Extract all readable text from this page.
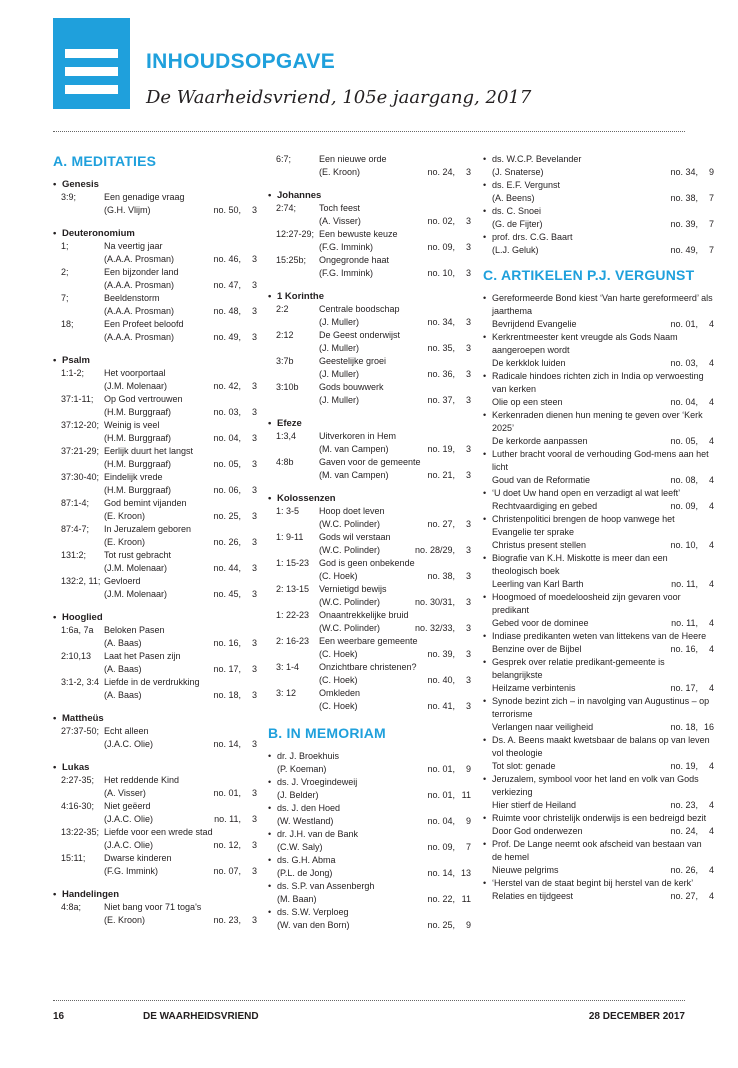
INHOUDSOPGAVE
De Waarheidsvriend, 105e jaargang, 2017
A. MEDITATIES
• Genesis
3:9;	Een genadige vraag
(G.H. Vlijm)	no. 50,	3
• Deuteronomium
1;	Na veertig jaar
(A.A.A. Prosman)	no. 46,	3
2;	Een bijzonder land
(A.A.A. Prosman)	no. 47,	3
7;	Beeldenstorm
(A.A.A. Prosman)	no. 48,	3
18;	Een Profeet beloofd
(A.A.A. Prosman)	no. 49,	3
• Psalm
1:1-2; Het voorportaal
(J.M. Molenaar)	no. 42,	3
37:1-11; Op God vertrouwen
(H.M. Burggraaf)	no. 03,	3
37:12-20; Weinig is veel
(H.M. Burggraaf)	no. 04,	3
37:21-29; Eerlijk duurt het langst
(H.M. Burggraaf)	no. 05,	3
37:30-40; Eindelijk vrede
(H.M. Burggraaf)	no. 06,	3
87:1-4; God bemint vijanden
(E. Kroon)	no. 25,	3
87:4-7; In Jeruzalem geboren
(E. Kroon)	no. 26,	3
131:2; Tot rust gebracht
(J.M. Molenaar)	no. 44,	3
132:2, 11; Gevloerd
(J.M. Molenaar)	no. 45,	3
• Hooglied
1:6a, 7a Beloken Pasen
(A. Baas)	no. 16,	3
2:10,13 Laat het Pasen zijn
(A. Baas)	no. 17,	3
3:1-2, 3:4 Liefde in de verdrukking
(A. Baas)	no. 18,	3
• Mattheüs
27:37-50; Echt alleen
(J.A.C. Olie)	no. 14,	3
• Lukas
2:27-35; Het reddende Kind
(A. Visser)	no. 01,	3
4:16-30; Niet geëerd
(J.A.C. Olie)	no. 11,	3
13:22-35; Liefde voor een wrede stad
(J.A.C. Olie)	no. 12,	3
15:11; Dwarse kinderen
(F.G. Immink)	no. 07,	3
• Handelingen
4:8a;	Niet bang voor 71 toga's
(E. Kroon)	no. 23,	3
6:7;	Een nieuwe orde
(E. Kroon)	no. 24,	3
• Johannes
2:74;	Toch feest
(A. Visser)	no. 02,	3
12:27-29; Een bewuste keuze
(F.G. Immink)	no. 09,	3
15:25b; Ongegronde haat
(F.G. Immink)	no. 10,	3
• 1 Korinthe
2:2	Centrale boodschap
(J. Muller)	no. 34,	3
2:12	De Geest onderwijst
(J. Muller)	no. 35,	3
3:7b	Geestelijke groei
(J. Muller)	no. 36,	3
3:10b Gods bouwwerk
(J. Muller)	no. 37,	3
• Efeze
1:3,4	Uitverkoren in Hem
(M. van Campen)	no. 19,	3
4:8b	Gaven voor de gemeente
(M. van Campen)	no. 21,	3
• Kolossenzen
1: 3-5 Hoop doet leven
(W.C. Polinder)	no. 27,	3
1: 9-11 Gods wil verstaan
(W.C. Polinder)	no. 28/29,	3
1: 15-23 God is geen onbekende
(C. Hoek)	no. 38,	3
2: 13-15 Vernietigd bewijs
(W.C. Polinder)	no. 30/31,	3
1: 22-23 Onaantrekkelijke bruid
(W.C. Polinder)	no. 32/33,	3
2: 16-23 Een weerbare gemeente
(C. Hoek)	no. 39,	3
3: 1-4 Onzichtbare christenen?
(C. Hoek)	no. 40,	3
3: 12	Omkleden
(C. Hoek)	no. 41,	3
B. IN MEMORIAM
• dr. J. Broekhuis
(P. Koeman)	no. 01,	9
• ds. J. Vroegindeweij
(J. Belder)	no. 01, 11
• ds. J. den Hoed
(W. Westland)	no. 04,	9
• dr. J.H. van de Bank
(C.W. Saly)	no. 09,	7
• ds. G.H. Abma
(P.L. de Jong)	no. 14, 13
• ds. S.P. van Assenbergh
(M. Baan)	no. 22, 11
• ds. S.W. Verploeg
(W. van den Born)	no. 25,	9
• ds. W.C.P. Bevelander
(J. Snaterse)	no. 34,	9
• ds. E.F. Vergunst
(A. Beens)	no. 38,	7
• ds. C. Snoei
(G. de Fijter)	no. 39,	7
• prof. drs. C.G. Baart
(L.J. Geluk)	no. 49,	7
C. ARTIKELEN P.J. VERGUNST
• Gereformeerde Bond kiest ‘Van harte gereformeerd’ als jaarthema
Bevrijdend Evangelie	no. 01,	4
• Kerkrentmeester kent vreugde als Gods Naam aangeroepen wordt
De kerkklok luiden	no. 03,	4
• Radicale hindoes richten zich in India op verwoesting van kerken
Olie op een steen	no. 04,	4
• Kerkenraden dienen hun mening te geven over ‘Kerk 2025’
De kerkorde aanpassen	no. 05,	4
• Luther bracht vooral de verhouding God-mens aan het licht
Goud van de Reformatie	no. 08,	4
• ‘U doet Uw hand open en verzadigt al wat leeft’
Rechtvaardiging en gebed	no. 09,	4
• Christenpolitici brengen de hoop vanwege het Evangelie ter sprake
Christus present stellen	no. 10,	4
• Biografie van K.H. Miskotte is meer dan een theologisch boek
Leerling van Karl Barth	no. 11,	4
• Hoogmoed of moedeloosheid zijn gevaren voor predikant
Gebed voor de dominee	no. 11,	4
• Indiase predikanten weten van littekens van de Heere
Benzine over de Bijbel	no. 16,	4
• Gesprek over relatie predikant-gemeente is belangrijkste
Heilzame verbintenis	no. 17,	4
• Synode bezint zich – in navolging van Augustinus – op terrorisme
Verlangen naar veiligheid	no. 18, 16
• Ds. A. Beens maakt kwetsbaar de balans op van leven vol theologie
Tot slot: genade	no. 19,	4
• Jeruzalem, symbool voor het land en volk van Gods verkiezing
Hier stierf de Heiland	no. 23,	4
• Ruimte voor christelijk onderwijs is een bedreigd bezit
Door God onderwezen	no. 24,	4
• Prof. De Lange neemt ook afscheid van bestaan van de hemel
Nieuwe pelgrims	no. 26,	4
• ‘Herstel van de staat begint bij herstel van de kerk’
Relaties en tijdgeest	no. 27,	4
16	DE WAARHEIDSVRIEND	28 DECEMBER 2017
